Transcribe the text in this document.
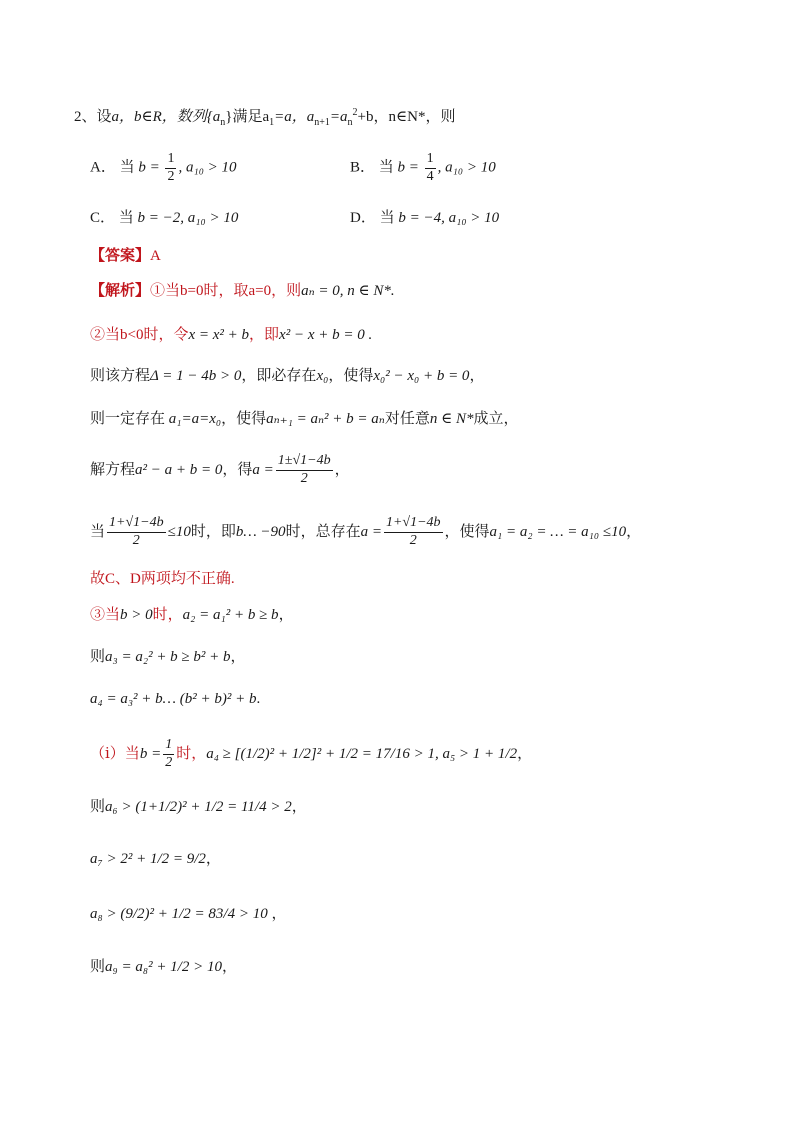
2、设a，b∈R，数列$\{a_n\}$满足$a_1=a$，$a_{n+1}=a_n^2+b$，n∈N*，则
A． 当 $b = \frac{1}{2}$ , a₁₀ > 10	B． 当 $b = \frac{1}{4}$ , a₁₀ > 10
C． 当 b = −2, a₁₀ > 10	D． 当 b = −4, a₁₀ > 10
【答案】A
【解析】①当b=0时，取a=0，则aₙ = 0, n ∈ N*.
②当b<0时，令x = x² + b，即x² − x + b = 0 .
则该方程Δ = 1 − 4b > 0，即必存在x₀，使得x₀² − x₀ + b = 0，
则一定存在 a₁=a=x₀，使得aₙ₊₁ = aₙ² + b = aₙ对任意n ∈ N*成立，
解方程 a² − a + b = 0 ，得 $a = \frac{1\pm√1-4b}{2}$ ，
当 $\frac{1+√1-4b}{2} \le 10$ 时，即 b… −90 时，总存在 $a = \frac{1+√1-4b}{2}$ ，使得 a₁ = a₂ = … = a₁₀ ≤10 ，
故C、D两项均不正确.
③当b > 0时，a₂ = a₁² + b ≥ b，
则a₃ = a₂² + b ≥ b² + b，
a₄ = a₃² + b… (b² + b)² + b.
（ⅰ）当 $b = \frac{1}{2}$ 时， a₄ ≥ [(1/2)² + 1/2]² + 1/2 = 17/16 > 1, a₅ > 1 + 1/2 ，
则a₆ > (1+1/2)² + 1/2 = 11/4 > 2，
a₇ > 2² + 1/2 = 9/2，
a₈ > (9/2)² + 1/2 = 83/4 > 10 ，
则a₉ = a₈² + 1/2 > 10，
